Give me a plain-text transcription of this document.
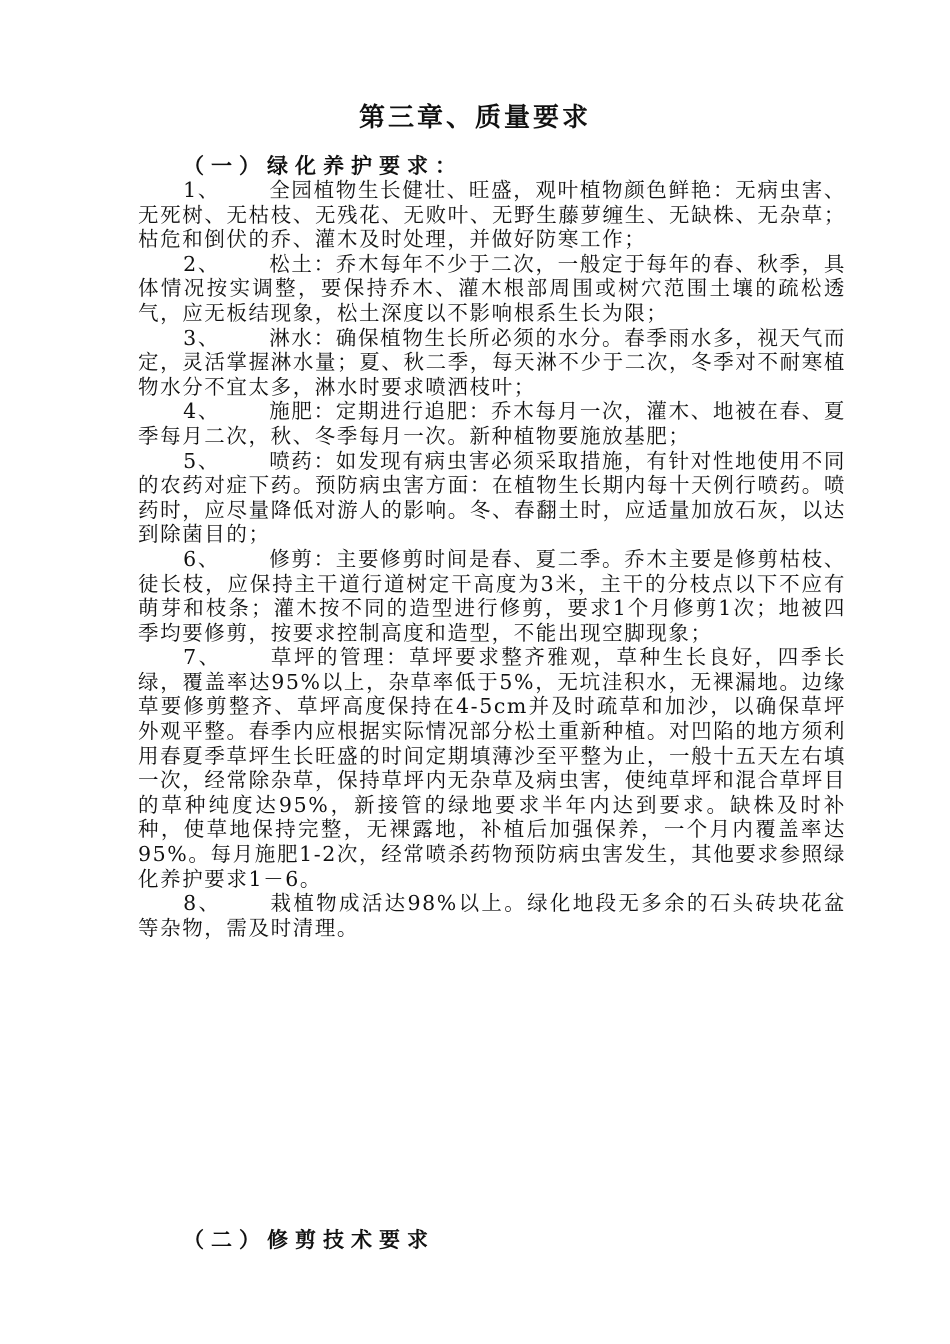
第三章、质量要求
（一）绿化养护要求：

1、 全园植物生长健壮、旺盛，观叶植物颜色鲜艳：无病虫害、无死树、无枯枝、无残花、无败叶、无野生藤萝缠生、无缺株、无杂草；枯危和倒伏的乔、灌木及时处理，并做好防寒工作；

2、 松土：乔木每年不少于二次，一般定于每年的春、秋季，具体情况按实调整，要保持乔木、灌木根部周围或树穴范围土壤的疏松透气，应无板结现象，松土深度以不影响根系生长为限；

3、 淋水：确保植物生长所必须的水分。春季雨水多，视天气而定，灵活掌握淋水量；夏、秋二季，每天淋不少于二次，冬季对不耐寒植物水分不宜太多，淋水时要求喷洒枝叶；

4、 施肥：定期进行追肥：乔木每月一次，灌木、地被在春、夏季每月二次，秋、冬季每月一次。新种植物要施放基肥；

5、 喷药：如发现有病虫害必须采取措施，有针对性地使用不同的农药对症下药。预防病虫害方面：在植物生长期内每十天例行喷药。喷药时，应尽量降低对游人的影响。冬、春翻土时，应适量加放石灰，以达到除菌目的；

6、 修剪：主要修剪时间是春、夏二季。乔木主要是修剪枯枝、徒长枝，应保持主干道行道树定干高度为3米，主干的分枝点以下不应有萌芽和枝条；灌木按不同的造型进行修剪，要求1个月修剪1次；地被四季均要修剪，按要求控制高度和造型，不能出现空脚现象；

7、 草坪的管理：草坪要求整齐雅观，草种生长良好，四季长绿，覆盖率达95%以上，杂草率低于5%，无坑洼积水，无裸漏地。边缘草要修剪整齐、草坪高度保持在4-5cm并及时疏草和加沙，以确保草坪外观平整。春季内应根据实际情况部分松土重新种植。对凹陷的地方须利用春夏季草坪生长旺盛的时间定期填薄沙至平整为止，一般十五天左右填一次，经常除杂草，保持草坪内无杂草及病虫害，使纯草坪和混合草坪目的草种纯度达95%，新接管的绿地要求半年内达到要求。缺株及时补种，使草地保持完整，无裸露地，补植后加强保养，一个月内覆盖率达95%。每月施肥1-2次，经常喷杀药物预防病虫害发生，其他要求参照绿化养护要求1－6。

8、 栽植物成活达98%以上。绿化地段无多余的石头砖块花盆等杂物，需及时清理。

（二）修剪技术要求
